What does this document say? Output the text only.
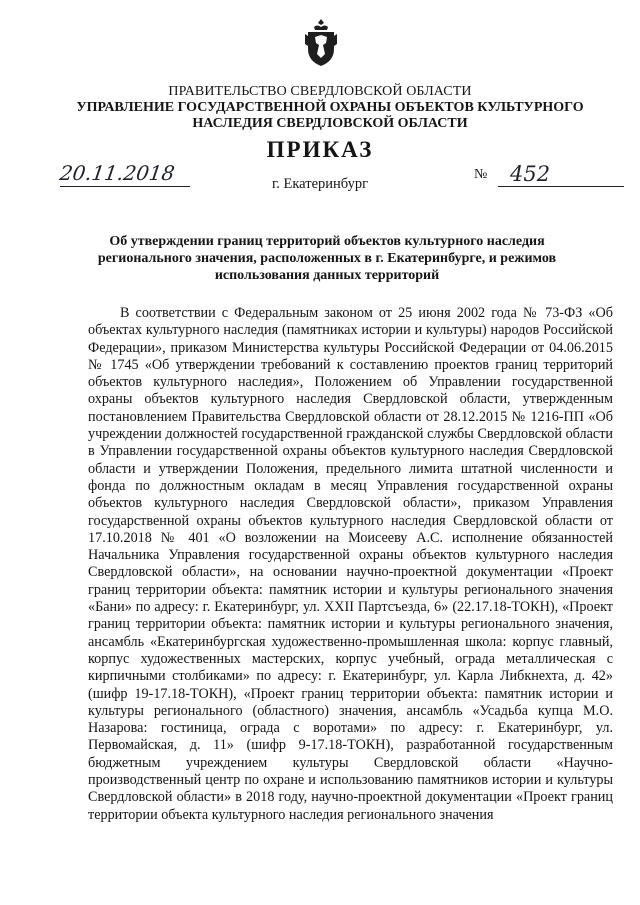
ПРАВИТЕЛЬСТВО СВЕРДЛОВСКОЙ ОБЛАСТИ
УПРАВЛЕНИЕ ГОСУДАРСТВЕННОЙ ОХРАНЫ ОБЪЕКТОВ КУЛЬТУРНОГО НАСЛЕДИЯ СВЕРДЛОВСКОЙ ОБЛАСТИ
ПРИКАЗ
20.11.2018	№ 452
г. Екатеринбург
Об утверждении границ территорий объектов культурного наследия регионального значения, расположенных в г. Екатеринбурге, и режимов использования данных территорий

В соответствии с Федеральным законом от 25 июня 2002 года № 73-ФЗ «Об объектах культурного наследия (памятниках истории и культуры) народов Российской Федерации», приказом Министерства культуры Российской Федерации от 04.06.2015 № 1745 «Об утверждении требований к составлению проектов границ территорий объектов культурного наследия», Положением об Управлении государственной охраны объектов культурного наследия Свердловской области, утвержденным постановлением Правительства Свердловской области от 28.12.2015 № 1216-ПП «Об учреждении должностей государственной гражданской службы Свердловской области в Управлении государственной охраны объектов культурного наследия Свердловской области и утверждении Положения, предельного лимита штатной численности и фонда по должностным окладам в месяц Управления государственной охраны объектов культурного наследия Свердловской области», приказом Управления государственной охраны объектов культурного наследия Свердловской области от 17.10.2018 № 401 «О возложении на Моисееву А.С. исполнение обязанностей Начальника Управления государственной охраны объектов культурного наследия Свердловской области», на основании научно-проектной документации «Проект границ территории объекта: памятник истории и культуры регионального значения «Бани» по адресу: г. Екатеринбург, ул. XXII Партсъезда, 6» (22.17.18-ТОКН), «Проект границ территории объекта: памятник истории и культуры регионального значения, ансамбль «Екатеринбургская художественно-промышленная школа: корпус главный, корпус художественных мастерских, корпус учебный, ограда металлическая с кирпичными столбиками» по адресу: г. Екатеринбург, ул. Карла Либкнехта, д. 42» (шифр 19-17.18-ТОКН), «Проект границ территории объекта: памятник истории и культуры регионального (областного) значения, ансамбль «Усадьба купца М.О. Назарова: гостиница, ограда с воротами» по адресу: г. Екатеринбург, ул. Первомайская, д. 11» (шифр 9-17.18-ТОКН), разработанной государственным бюджетным учреждением культуры Свердловской области «Научно-производственный центр по охране и использованию памятников истории и культуры Свердловской области» в 2018 году, научно-проектной документации «Проект границ территории объекта культурного наследия регионального значения
